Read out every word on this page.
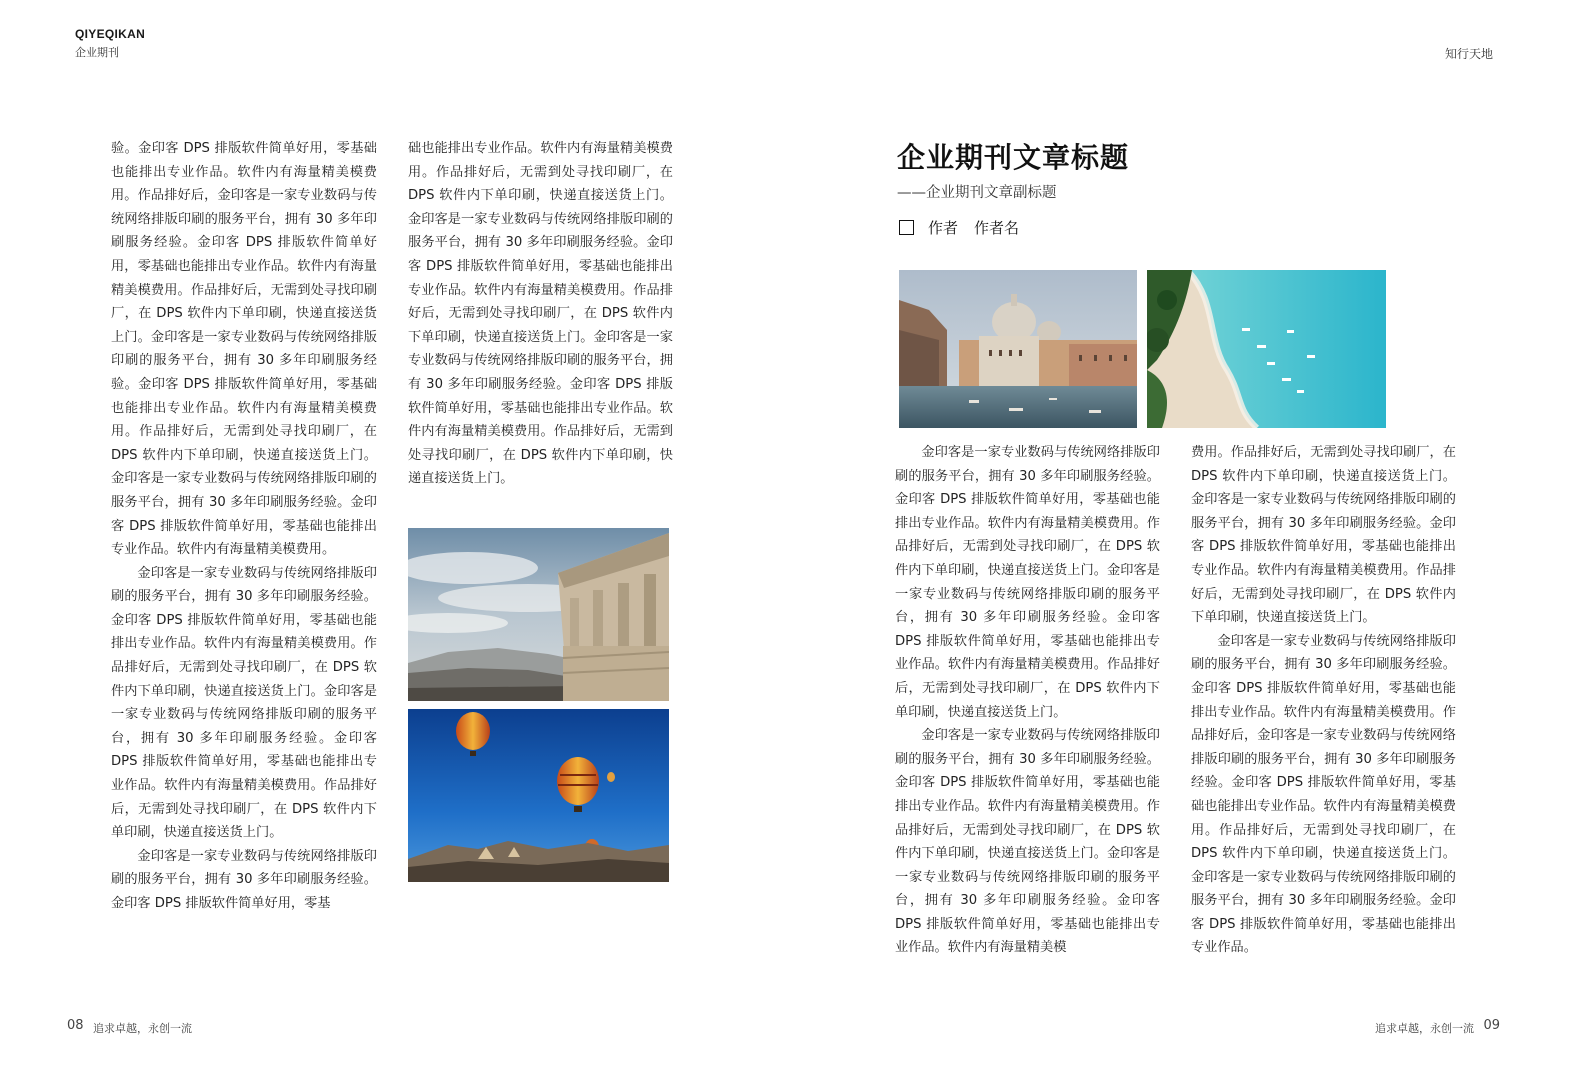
QIYEQIKAN
企业期刊	知行天地

验。金印客 DPS 排版软件简单好用，零基础也能排出专业作品。软件内有海量精美模费用。作品排好后，金印客是一家专业数码与传统网络排版印刷的服务平台，拥有 30 多年印刷服务经验。金印客 DPS 排版软件简单好用，零基础也能排出专业作品。软件内有海量精美模费用。作品排好后，无需到处寻找印刷厂，在 DPS 软件内下单印刷，快递直接送货上门。金印客是一家专业数码与传统网络排版印刷的服务平台，拥有 30 多年印刷服务经验。金印客 DPS 排版软件简单好用，零基础也能排出专业作品。软件内有海量精美模费用。作品排好后，无需到处寻找印刷厂，在 DPS 软件内下单印刷，快递直接送货上门。金印客是一家专业数码与传统网络排版印刷的服务平台，拥有 30 多年印刷服务经验。金印客 DPS 排版软件简单好用，零基础也能排出专业作品。软件内有海量精美模费用。

金印客是一家专业数码与传统网络排版印刷的服务平台，拥有 30 多年印刷服务经验。金印客 DPS 排版软件简单好用，零基础也能排出专业作品。软件内有海量精美模费用。作品排好后，无需到处寻找印刷厂，在 DPS 软件内下单印刷，快递直接送货上门。金印客是一家专业数码与传统网络排版印刷的服务平台，拥有 30 多年印刷服务经验。金印客 DPS 排版软件简单好用，零基础也能排出专业作品。软件内有海量精美模费用。作品排好后，无需到处寻找印刷厂，在 DPS 软件内下单印刷，快递直接送货上门。

金印客是一家专业数码与传统网络排版印刷的服务平台，拥有 30 多年印刷服务经验。金印客 DPS 排版软件简单好用，零基

础也能排出专业作品。软件内有海量精美模费用。作品排好后，无需到处寻找印刷厂，在 DPS 软件内下单印刷，快递直接送货上门。金印客是一家专业数码与传统网络排版印刷的服务平台，拥有 30 多年印刷服务经验。金印客 DPS 排版软件简单好用，零基础也能排出专业作品。软件内有海量精美模费用。作品排好后，无需到处寻找印刷厂，在 DPS 软件内下单印刷，快递直接送货上门。金印客是一家专业数码与传统网络排版印刷的服务平台，拥有 30 多年印刷服务经验。金印客 DPS 排版软件简单好用，零基础也能排出专业作品。软件内有海量精美模费用。作品排好后，无需到处寻找印刷厂，在 DPS 软件内下单印刷，快递直接送货上门。

企业期刊文章标题
——企业期刊文章副标题
作者 作者名

金印客是一家专业数码与传统网络排版印刷的服务平台，拥有 30 多年印刷服务经验。金印客 DPS 排版软件简单好用，零基础也能排出专业作品。软件内有海量精美模费用。作品排好后，无需到处寻找印刷厂，在 DPS 软件内下单印刷，快递直接送货上门。金印客是一家专业数码与传统网络排版印刷的服务平台，拥有 30 多年印刷服务经验。金印客 DPS 排版软件简单好用，零基础也能排出专业作品。软件内有海量精美模费用。作品排好后，无需到处寻找印刷厂，在 DPS 软件内下单印刷，快递直接送货上门。

金印客是一家专业数码与传统网络排版印刷的服务平台，拥有 30 多年印刷服务经验。金印客 DPS 排版软件简单好用，零基础也能排出专业作品。软件内有海量精美模费用。作品排好后，无需到处寻找印刷厂，在 DPS 软件内下单印刷，快递直接送货上门。金印客是一家专业数码与传统网络排版印刷的服务平台，拥有 30 多年印刷服务经验。金印客 DPS 排版软件简单好用，零基础也能排出专业作品。软件内有海量精美模

费用。作品排好后，无需到处寻找印刷厂，在 DPS 软件内下单印刷，快递直接送货上门。金印客是一家专业数码与传统网络排版印刷的服务平台，拥有 30 多年印刷服务经验。金印客 DPS 排版软件简单好用，零基础也能排出专业作品。软件内有海量精美模费用。作品排好后，无需到处寻找印刷厂，在 DPS 软件内下单印刷，快递直接送货上门。

金印客是一家专业数码与传统网络排版印刷的服务平台，拥有 30 多年印刷服务经验。金印客 DPS 排版软件简单好用，零基础也能排出专业作品。软件内有海量精美模费用。作品排好后，金印客是一家专业数码与传统网络排版印刷的服务平台，拥有 30 多年印刷服务经验。金印客 DPS 排版软件简单好用，零基础也能排出专业作品。软件内有海量精美模费用。作品排好后，无需到处寻找印刷厂，在 DPS 软件内下单印刷，快递直接送货上门。金印客是一家专业数码与传统网络排版印刷的服务平台，拥有 30 多年印刷服务经验。金印客 DPS 排版软件简单好用，零基础也能排出专业作品。

08 追求卓越，永创一流	追求卓越，永创一流 09
